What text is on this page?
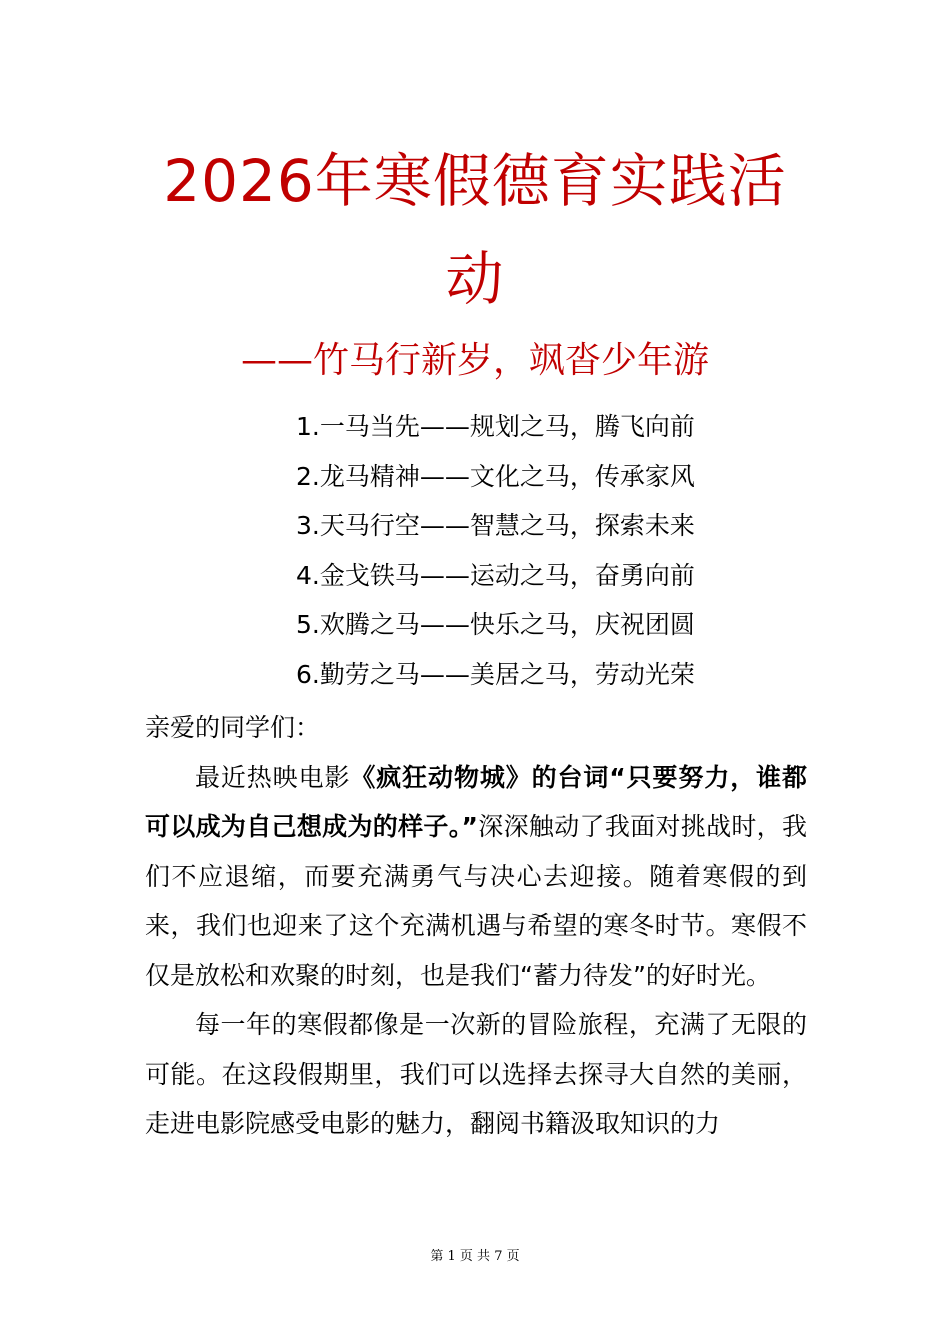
2026年寒假德育实践活动
——竹马行新岁，飒沓少年游
1.一马当先——规划之马，腾飞向前
2.龙马精神——文化之马，传承家风
3.天马行空——智慧之马，探索未来
4.金戈铁马——运动之马，奋勇向前
5.欢腾之马——快乐之马，庆祝团圆
6.勤劳之马——美居之马，劳动光荣

亲爱的同学们：

最近热映电影《疯狂动物城》的台词“只要努力，谁都可以成为自己想成为的样子。”深深触动了我面对挑战时，我们不应退缩，而要充满勇气与决心去迎接。随着寒假的到来，我们也迎来了这个充满机遇与希望的寒冬时节。寒假不仅是放松和欢聚的时刻，也是我们“蓄力待发”的好时光。

每一年的寒假都像是一次新的冒险旅程，充满了无限的可能。在这段假期里，我们可以选择去探寻大自然的美丽，走进电影院感受电影的魅力，翻阅书籍汲取知识的力

第 1 页 共 7 页
